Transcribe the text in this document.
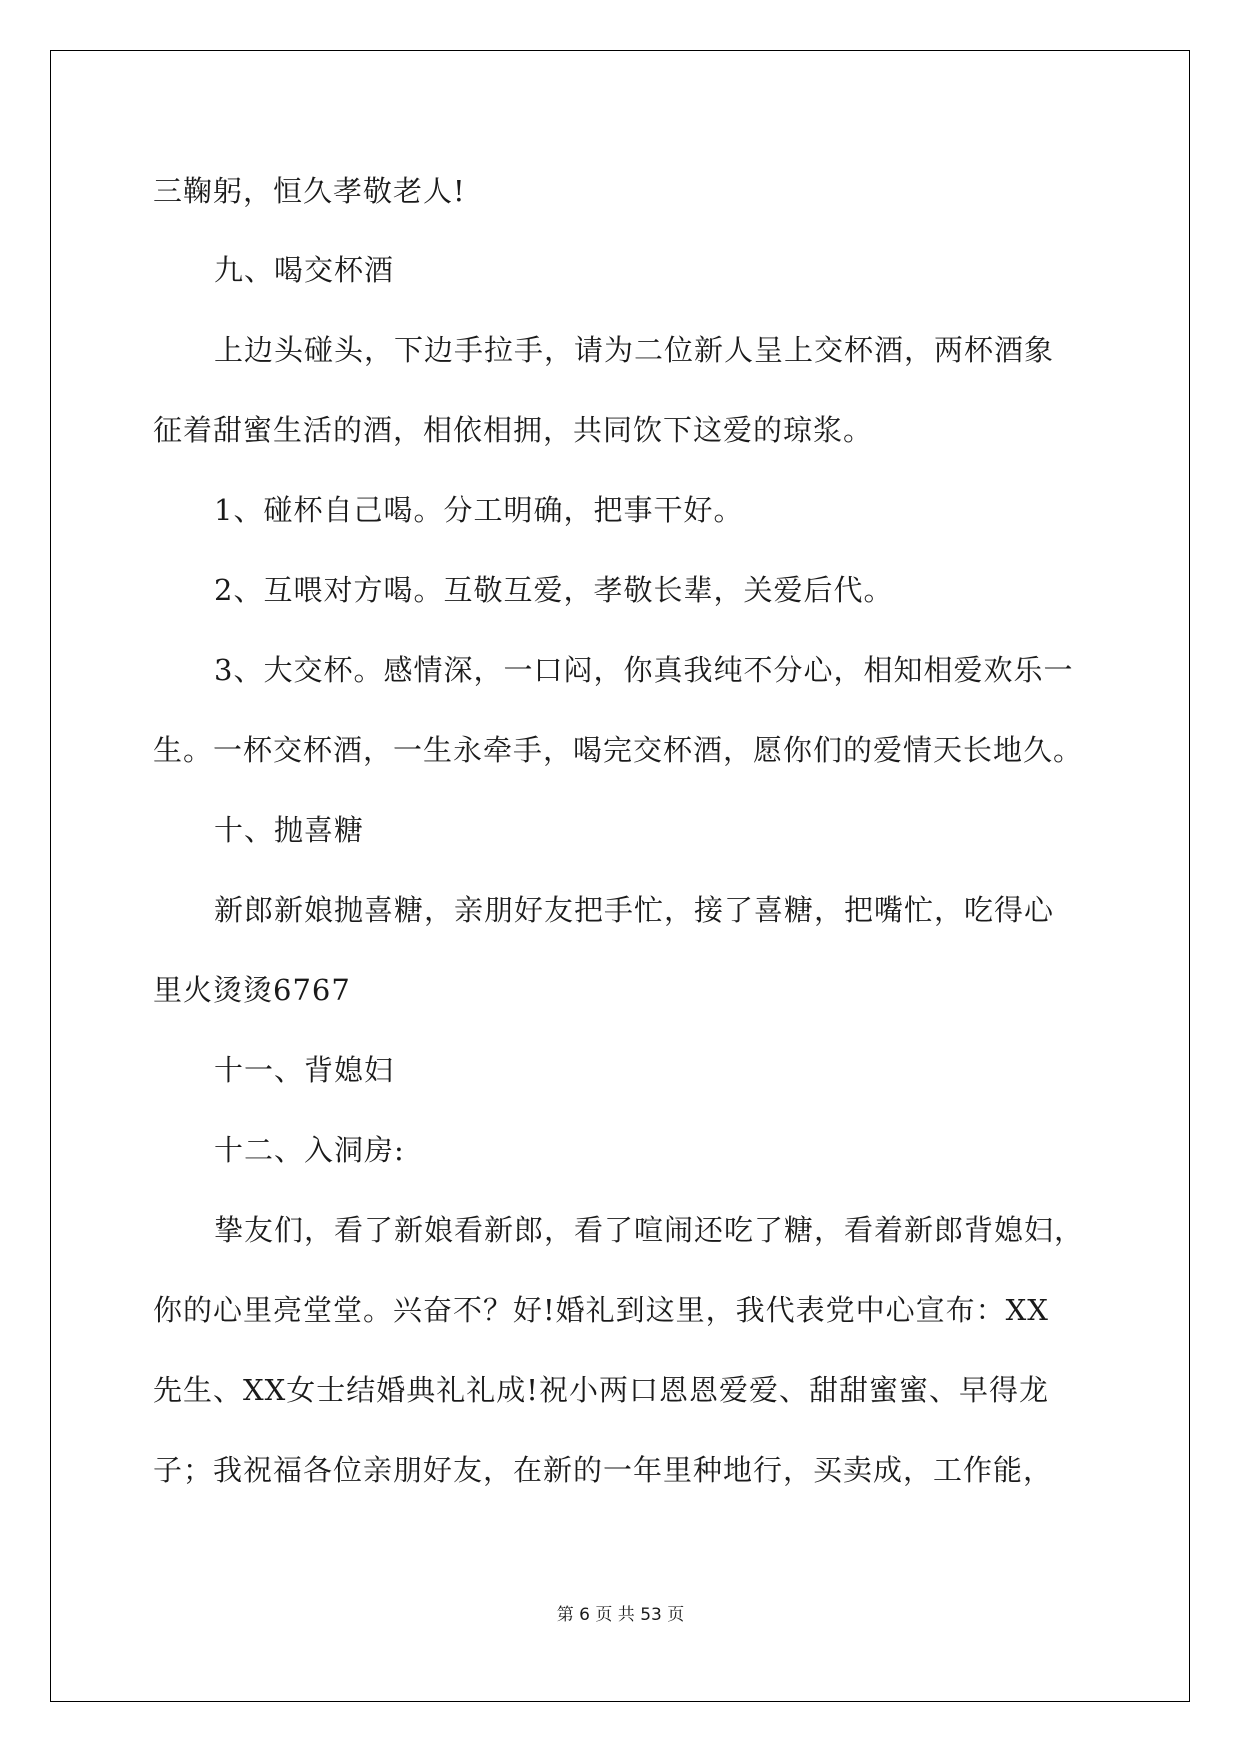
三鞠躬，恒久孝敬老人!
九、喝交杯酒
上边头碰头，下边手拉手，请为二位新人呈上交杯酒，两杯酒象
征着甜蜜生活的酒，相依相拥，共同饮下这爱的琼浆。
1、碰杯自己喝。分工明确，把事干好。
2、互喂对方喝。互敬互爱，孝敬长辈，关爱后代。
3、大交杯。感情深，一口闷，你真我纯不分心，相知相爱欢乐一
生。一杯交杯酒，一生永牵手，喝完交杯酒，愿你们的爱情天长地久。
十、抛喜糖
新郎新娘抛喜糖，亲朋好友把手忙，接了喜糖，把嘴忙，吃得心
里火烫烫6767
十一、背媳妇
十二、入洞房:
挚友们，看了新娘看新郎，看了喧闹还吃了糖，看着新郎背媳妇，
你的心里亮堂堂。兴奋不？好!婚礼到这里，我代表党中心宣布：XX
先生、XX女士结婚典礼礼成!祝小两口恩恩爱爱、甜甜蜜蜜、早得龙
子；我祝福各位亲朋好友，在新的一年里种地行，买卖成，工作能，
第 6 页 共 53 页
